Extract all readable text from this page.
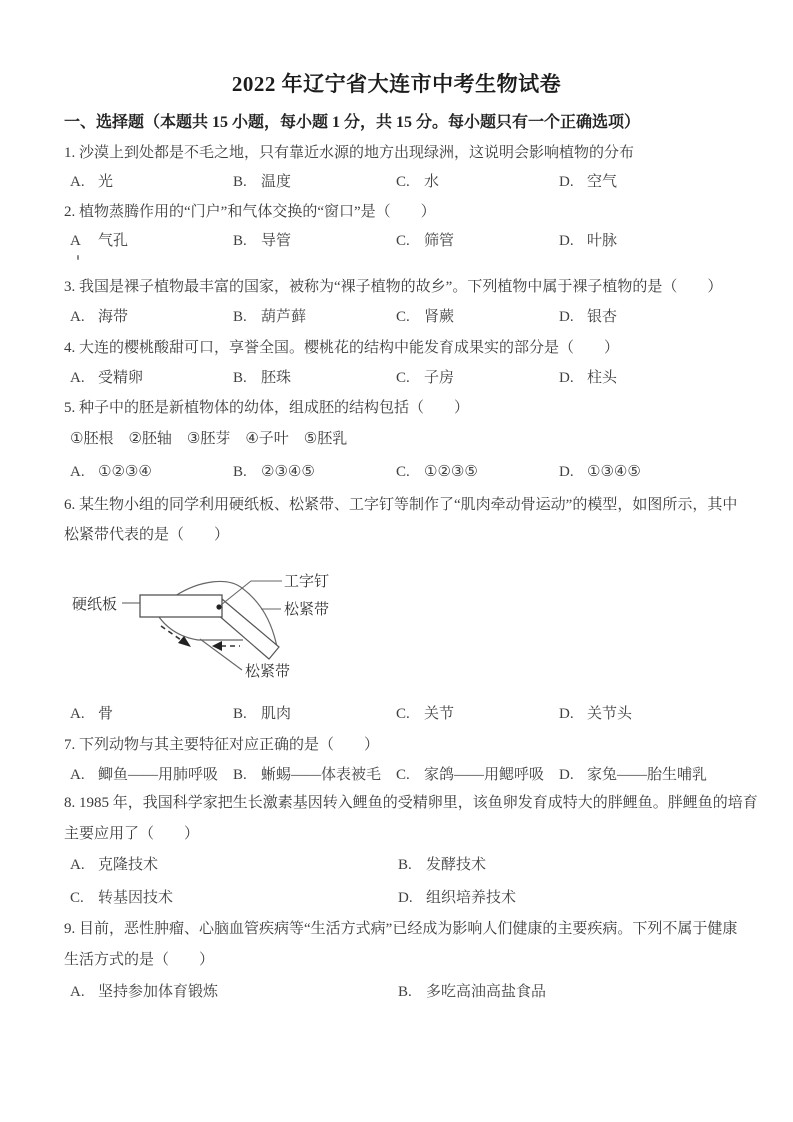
2022 年辽宁省大连市中考生物试卷
一、选择题（本题共 15 小题，每小题 1 分，共 15 分。每小题只有一个正确选项）
1. 沙漠上到处都是不毛之地，只有靠近水源的地方出现绿洲，这说明会影响植物的分布
A. 光	B. 温度	C. 水	D. 空气
2. 植物蒸腾作用的“门户”和气体交换的“窗口”是（　　）
A 气孔	B. 导管	C. 筛管	D. 叶脉
3. 我国是裸子植物最丰富的国家，被称为“裸子植物的故乡”。下列植物中属于裸子植物的是（　　）
A. 海带	B. 葫芦藓	C. 肾蕨	D. 银杏
4. 大连的樱桃酸甜可口，享誉全国。樱桃花的结构中能发育成果实的部分是（　　）
A. 受精卵	B. 胚珠	C. 子房	D. 柱头
5. 种子中的胚是新植物体的幼体，组成胚的结构包括（　　）
①胚根　②胚轴　③胚芽　④子叶　⑤胚乳
A. ①②③④	B. ②③④⑤	C. ①②③⑤	D. ①③④⑤
6. 某生物小组的同学利用硬纸板、松紧带、工字钉等制作了“肌肉牵动骨运动”的模型，如图所示，其中
松紧带代表的是（　　）
硬纸板
工字钉
松紧带
松紧带
A. 骨	B. 肌肉	C. 关节	D. 关节头
7. 下列动物与其主要特征对应正确的是（　　）
A. 鲫鱼——用肺呼吸 B. 蜥蜴——体表被毛 C. 家鸽——用鳃呼吸 D. 家兔——胎生哺乳
8. 1985 年，我国科学家把生长激素基因转入鲤鱼的受精卵里，该鱼卵发育成特大的胖鲤鱼。胖鲤鱼的培育
主要应用了（　　）
A. 克隆技术	B. 发酵技术
C. 转基因技术	D. 组织培养技术
9. 目前，恶性肿瘤、心脑血管疾病等“生活方式病”已经成为影响人们健康的主要疾病。下列不属于健康
生活方式的是（　　）
A. 坚持参加体育锻炼	B. 多吃高油高盐食品
